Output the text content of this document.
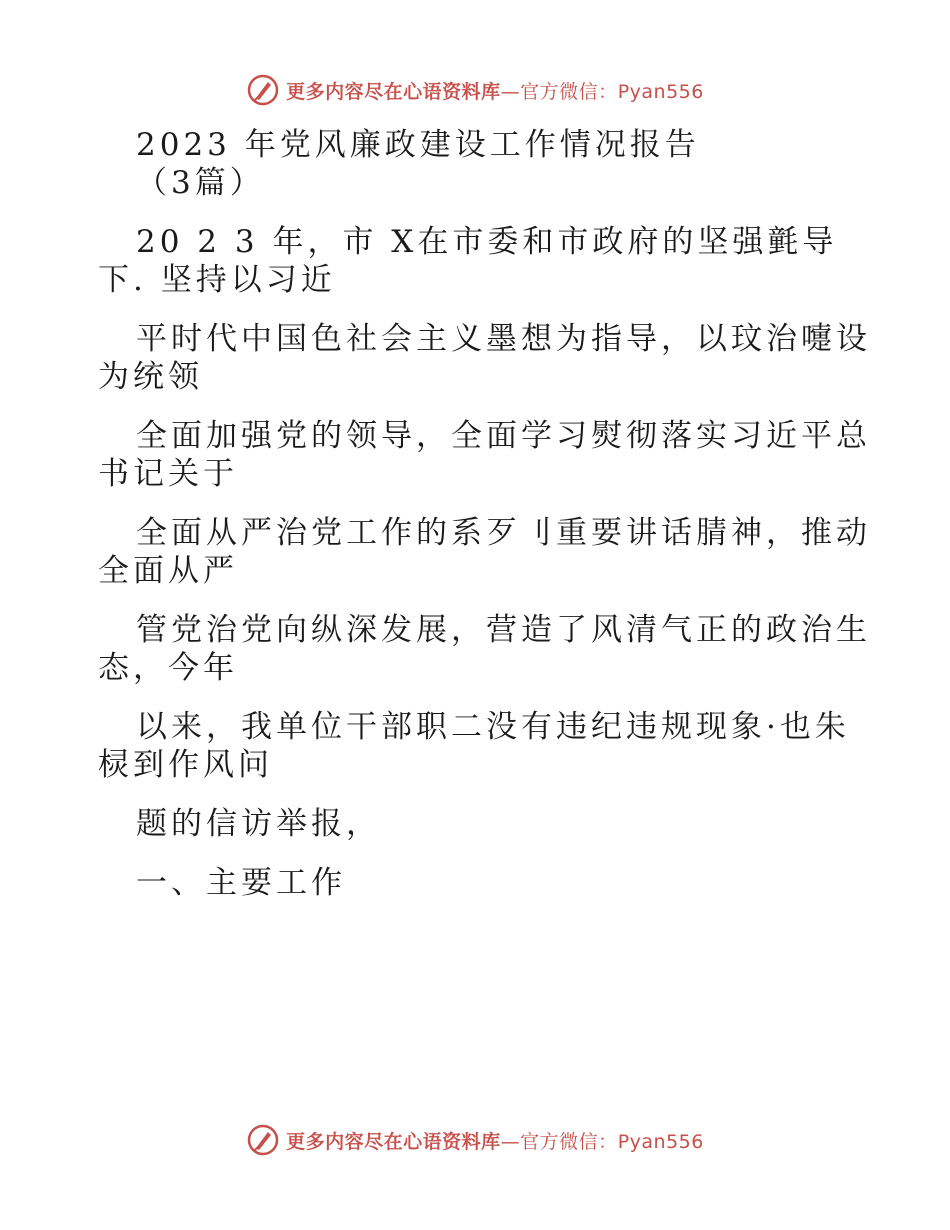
更多内容尽在心语资料库—官方微信：Pyan556

2023 年党风廉政建设工作情况报告

（3篇）

20 2 3 年，市 X在市委和市政府的坚强氃导

下. 坚持以习近

平时代中国色社会主义墨想为指导，以玟治嚏设

为统领

全面加强党的领导，全面学习熨彻落实习近平总

书记关于

全面从严治党工作的系歹刂重要讲话腈神，推动

全面从严

管党治党向纵深发展，营造了风清气正的政治生

态，今年

以来，我单位干部职二没有违纪违规现象·也朱

棂到作风问

题的信访举报，

一、主要工作

更多内容尽在心语资料库—官方微信：Pyan556
